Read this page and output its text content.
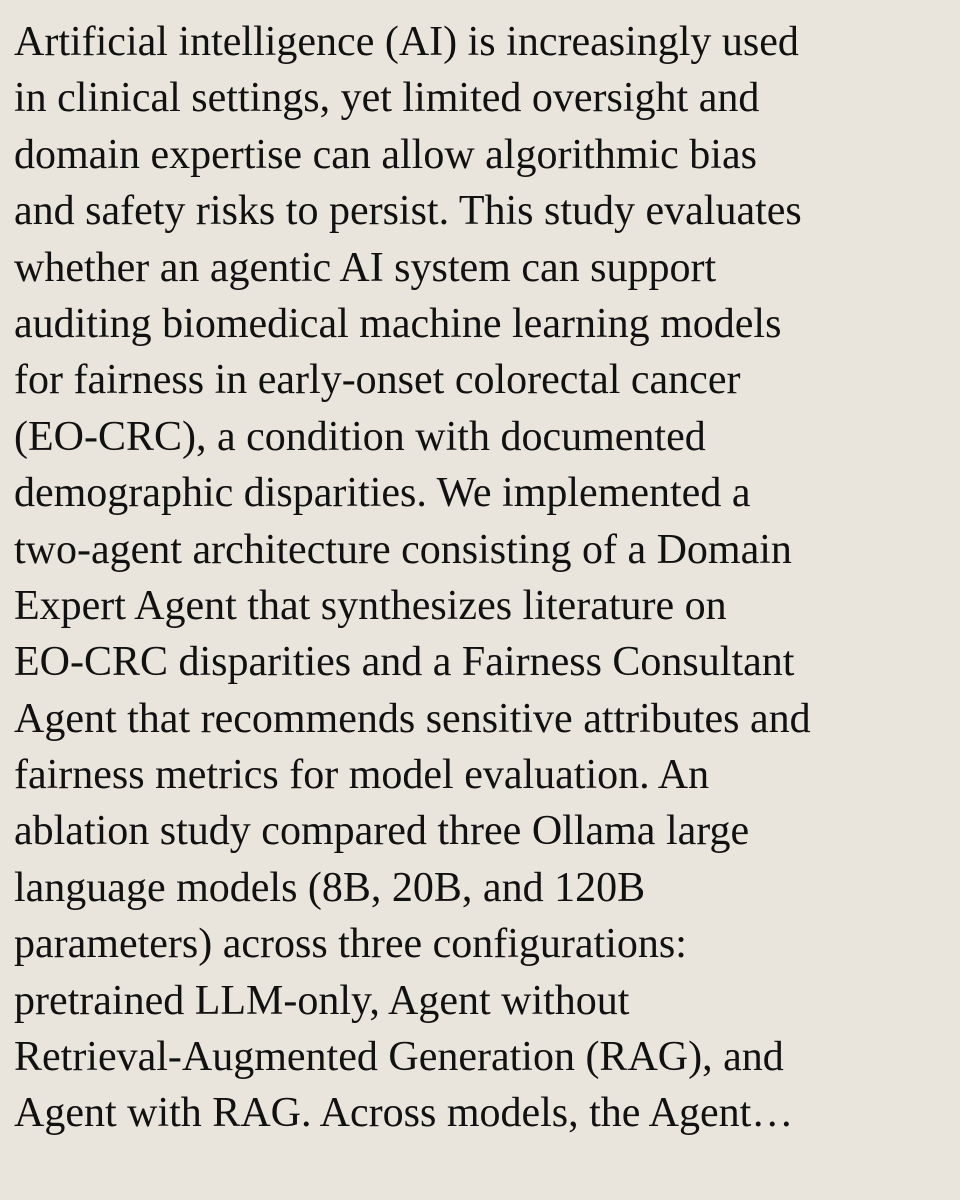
Artificial intelligence (AI) is increasingly used
in clinical settings, yet limited oversight and
domain expertise can allow algorithmic bias
and safety risks to persist. This study evaluates
whether an agentic AI system can support
auditing biomedical machine learning models
for fairness in early-onset colorectal cancer
(EO-CRC), a condition with documented
demographic disparities. We implemented a
two-agent architecture consisting of a Domain
Expert Agent that synthesizes literature on
EO-CRC disparities and a Fairness Consultant
Agent that recommends sensitive attributes and
fairness metrics for model evaluation. An
ablation study compared three Ollama large
language models (8B, 20B, and 120B
parameters) across three configurations:
pretrained LLM-only, Agent without
Retrieval-Augmented Generation (RAG), and
Agent with RAG. Across models, the Agent…
